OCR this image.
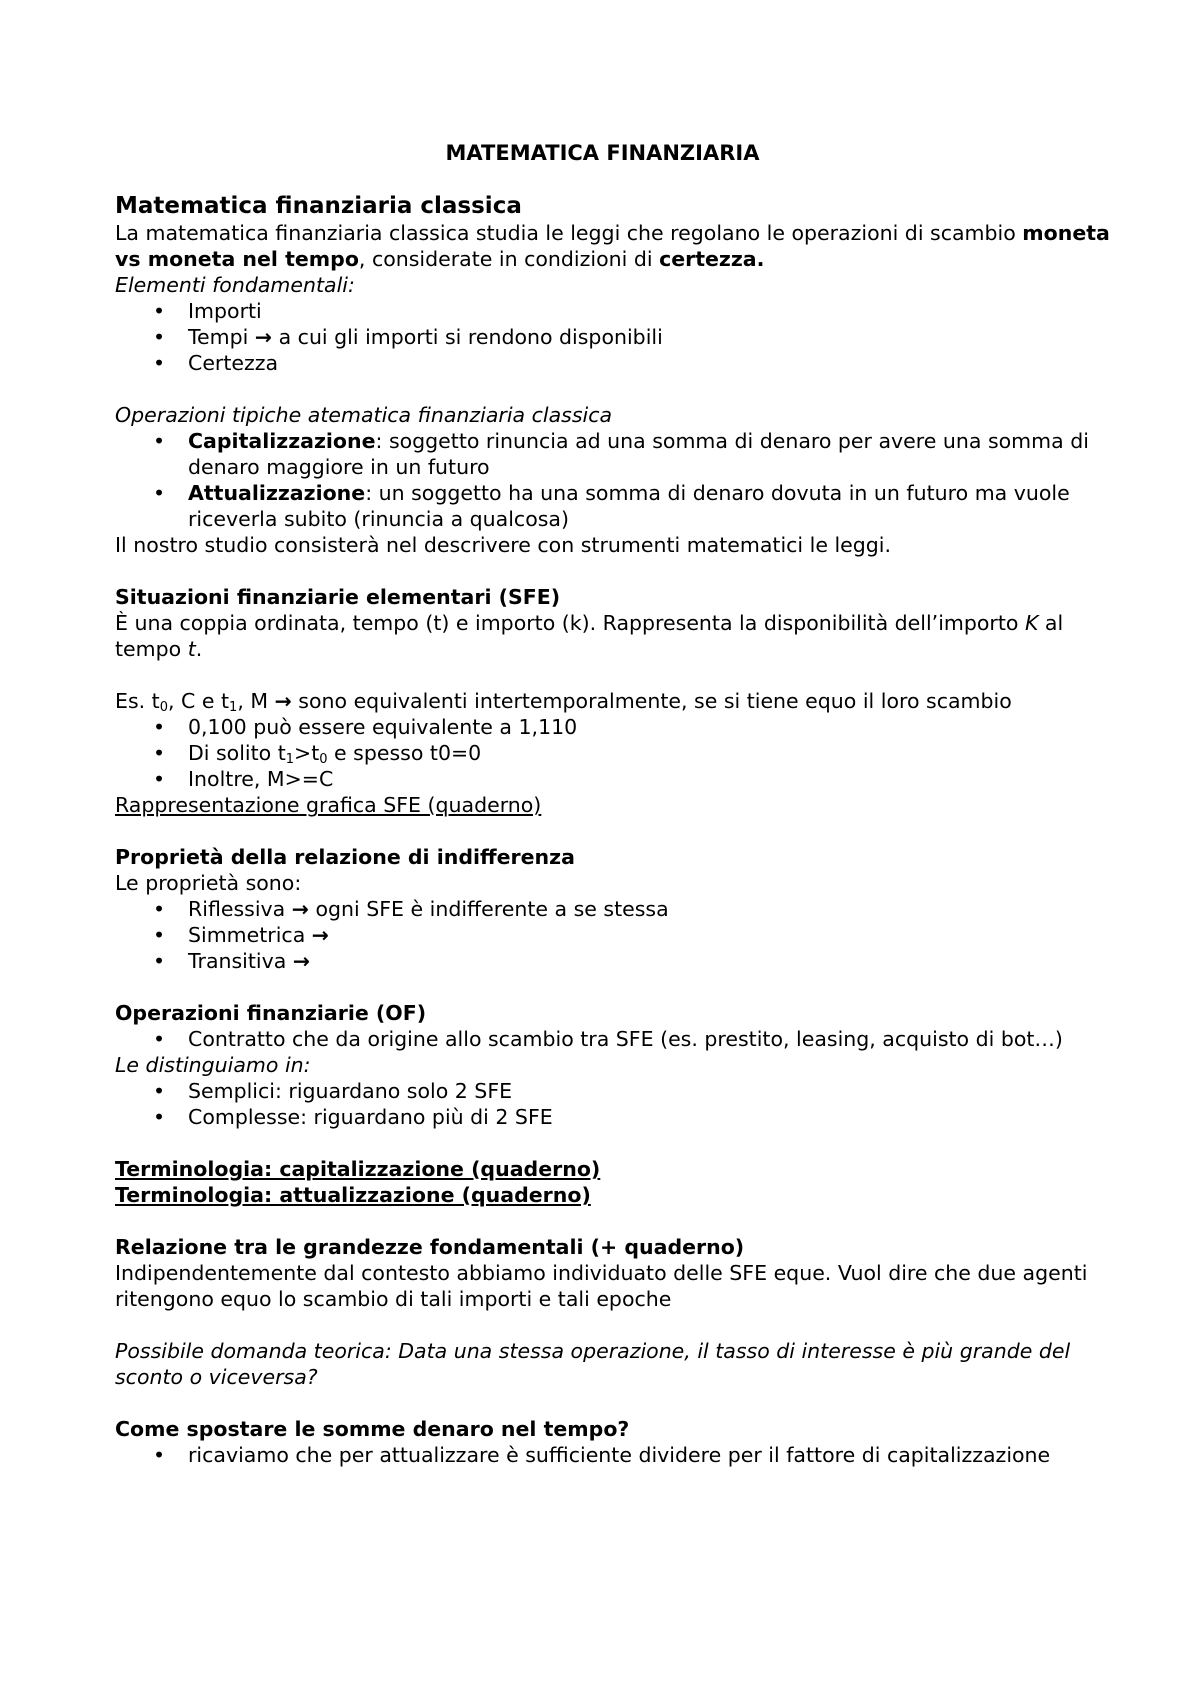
MATEMATICA FINANZIARIA

Matematica finanziaria classica

La matematica finanziaria classica studia le leggi che regolano le operazioni di scambio moneta vs moneta nel tempo, considerate in condizioni di certezza.

Elementi fondamentali:

• Importi
• Tempi → a cui gli importi si rendono disponibili
• Certezza

Operazioni tipiche atematica finanziaria classica

• Capitalizzazione: soggetto rinuncia ad una somma di denaro per avere una somma di denaro maggiore in un futuro
• Attualizzazione: un soggetto ha una somma di denaro dovuta in un futuro ma vuole riceverla subito (rinuncia a qualcosa)

Il nostro studio consisterà nel descrivere con strumenti matematici le leggi.

Situazioni finanziarie elementari (SFE)

È una coppia ordinata, tempo (t) e importo (k). Rappresenta la disponibilità dell’importo K al tempo t.

Es. $t_0$, C e $t_1$, M → sono equivalenti intertemporalmente, se si tiene equo il loro scambio

• 0,100 può essere equivalente a 1,110
• Di solito $t_1>t_0$ e spesso t0=0
• Inoltre, M>=C

Rappresentazione grafica SFE (quaderno)

Proprietà della relazione di indifferenza

Le proprietà sono:

• Riflessiva → ogni SFE è indifferente a se stessa
• Simmetrica →
• Transitiva →

Operazioni finanziarie (OF)

• Contratto che da origine allo scambio tra SFE (es. prestito, leasing, acquisto di bot…)

Le distinguiamo in:

• Semplici: riguardano solo 2 SFE
• Complesse: riguardano più di 2 SFE

Terminologia: capitalizzazione (quaderno)

Terminologia: attualizzazione (quaderno)

Relazione tra le grandezze fondamentali (+ quaderno)

Indipendentemente dal contesto abbiamo individuato delle SFE eque. Vuol dire che due agenti ritengono equo lo scambio di tali importi e tali epoche

Possibile domanda teorica: Data una stessa operazione, il tasso di interesse è più grande del sconto o viceversa?

Come spostare le somme denaro nel tempo?

• ricaviamo che per attualizzare è sufficiente dividere per il fattore di capitalizzazione
